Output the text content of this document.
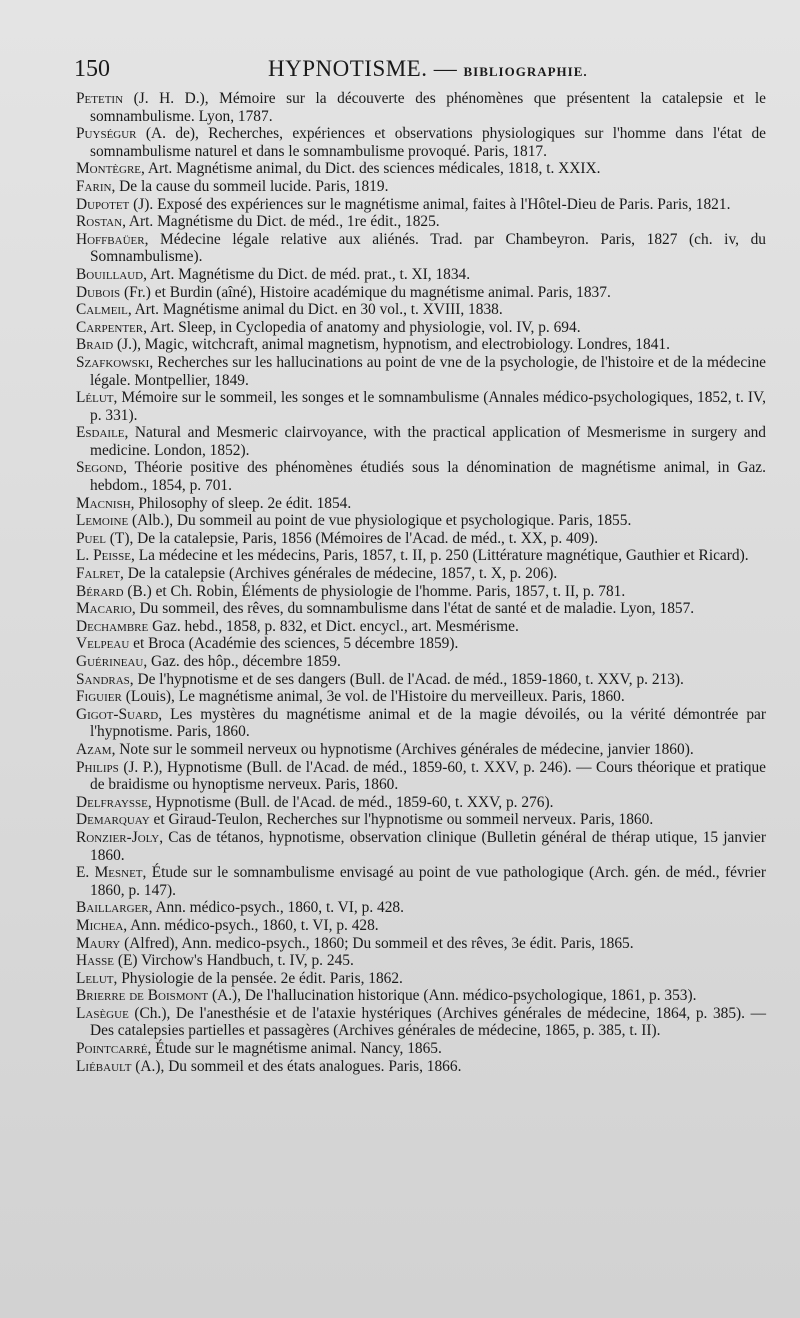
150	HYPNOTISME. — BIBLIOGRAPHIE.

Petetin (J. H. D.), Mémoire sur la découverte des phénomènes que présentent la catalepsie et le somnambulisme. Lyon, 1787.

Puységur (A. de), Recherches, expériences et observations physiologiques sur l'homme dans l'état de somnambulisme naturel et dans le somnambulisme provoqué. Paris, 1817.

Montègre, Art. Magnétisme animal, du Dict. des sciences médicales, 1818, t. XXIX.

Farin, De la cause du sommeil lucide. Paris, 1819.

Dupotet (J). Exposé des expériences sur le magnétisme animal, faites à l'Hôtel-Dieu de Paris. Paris, 1821.

Rostan, Art. Magnétisme du Dict. de méd., 1re édit., 1825.

Hoffbaüer, Médecine légale relative aux aliénés. Trad. par Chambeyron. Paris, 1827 (ch. iv, du Somnambulisme).

Bouillaud, Art. Magnétisme du Dict. de méd. prat., t. XI, 1834.

Dubois (Fr.) et Burdin (aîné), Histoire académique du magnétisme animal. Paris, 1837.

Calmeil, Art. Magnétisme animal du Dict. en 30 vol., t. XVIII, 1838.

Carpenter, Art. Sleep, in Cyclopedia of anatomy and physiologie, vol. IV, p. 694.

Braid (J.), Magic, witchcraft, animal magnetism, hypnotism, and electrobiology. Londres, 1841.

Szafkowski, Recherches sur les hallucinations au point de vne de la psychologie, de l'histoire et de la médecine légale. Montpellier, 1849.

Lélut, Mémoire sur le sommeil, les songes et le somnambulisme (Annales médico-psychologiques, 1852, t. IV, p. 331).

Esdaile, Natural and Mesmeric clairvoyance, with the practical application of Mesmerisme in surgery and medicine. London, 1852).

Segond, Théorie positive des phénomènes étudiés sous la dénomination de magnétisme animal, in Gaz. hebdom., 1854, p. 701.

Macnish, Philosophy of sleep. 2e édit. 1854.

Lemoine (Alb.), Du sommeil au point de vue physiologique et psychologique. Paris, 1855.

Puel (T), De la catalepsie, Paris, 1856 (Mémoires de l'Acad. de méd., t. XX, p. 409).

L. Peisse, La médecine et les médecins, Paris, 1857, t. II, p. 250 (Littérature magnétique, Gauthier et Ricard).

Falret, De la catalepsie (Archives générales de médecine, 1857, t. X, p. 206).

Bérard (B.) et Ch. Robin, Éléments de physiologie de l'homme. Paris, 1857, t. II, p. 781.

Macario, Du sommeil, des rêves, du somnambulisme dans l'état de santé et de maladie. Lyon, 1857.

Dechambre Gaz. hebd., 1858, p. 832, et Dict. encycl., art. Mesmérisme.

Velpeau et Broca (Académie des sciences, 5 décembre 1859).

Guérineau, Gaz. des hôp., décembre 1859.

Sandras, De l'hypnotisme et de ses dangers (Bull. de l'Acad. de méd., 1859-1860, t. XXV, p. 213).

Figuier (Louis), Le magnétisme animal, 3e vol. de l'Histoire du merveilleux. Paris, 1860.

Gigot-Suard, Les mystères du magnétisme animal et de la magie dévoilés, ou la vérité démontrée par l'hypnotisme. Paris, 1860.

Azam, Note sur le sommeil nerveux ou hypnotisme (Archives générales de médecine, janvier 1860).

Philips (J. P.), Hypnotisme (Bull. de l'Acad. de méd., 1859-60, t. XXV, p. 246). — Cours théorique et pratique de braidisme ou hynoptisme nerveux. Paris, 1860.

Delfraysse, Hypnotisme (Bull. de l'Acad. de méd., 1859-60, t. XXV, p. 276).

Demarquay et Giraud-Teulon, Recherches sur l'hypnotisme ou sommeil nerveux. Paris, 1860.

Ronzier-Joly, Cas de tétanos, hypnotisme, observation clinique (Bulletin général de thérap utique, 15 janvier 1860.

E. Mesnet, Étude sur le somnambulisme envisagé au point de vue pathologique (Arch. gén. de méd., février 1860, p. 147).

Baillarger, Ann. médico-psych., 1860, t. VI, p. 428.

Michea, Ann. médico-psych., 1860, t. VI, p. 428.

Maury (Alfred), Ann. medico-psych., 1860; Du sommeil et des rêves, 3e édit. Paris, 1865.

Hasse (E) Virchow's Handbuch, t. IV, p. 245.

Lelut, Physiologie de la pensée. 2e édit. Paris, 1862.

Brierre de Boismont (A.), De l'hallucination historique (Ann. médico-psychologique, 1861, p. 353).

Lasègue (Ch.), De l'anesthésie et de l'ataxie hystériques (Archives générales de médecine, 1864, p. 385). — Des catalepsies partielles et passagères (Archives générales de médecine, 1865, p. 385, t. II).

Pointcarré, Étude sur le magnétisme animal. Nancy, 1865.

Liébault (A.), Du sommeil et des états analogues. Paris, 1866.
